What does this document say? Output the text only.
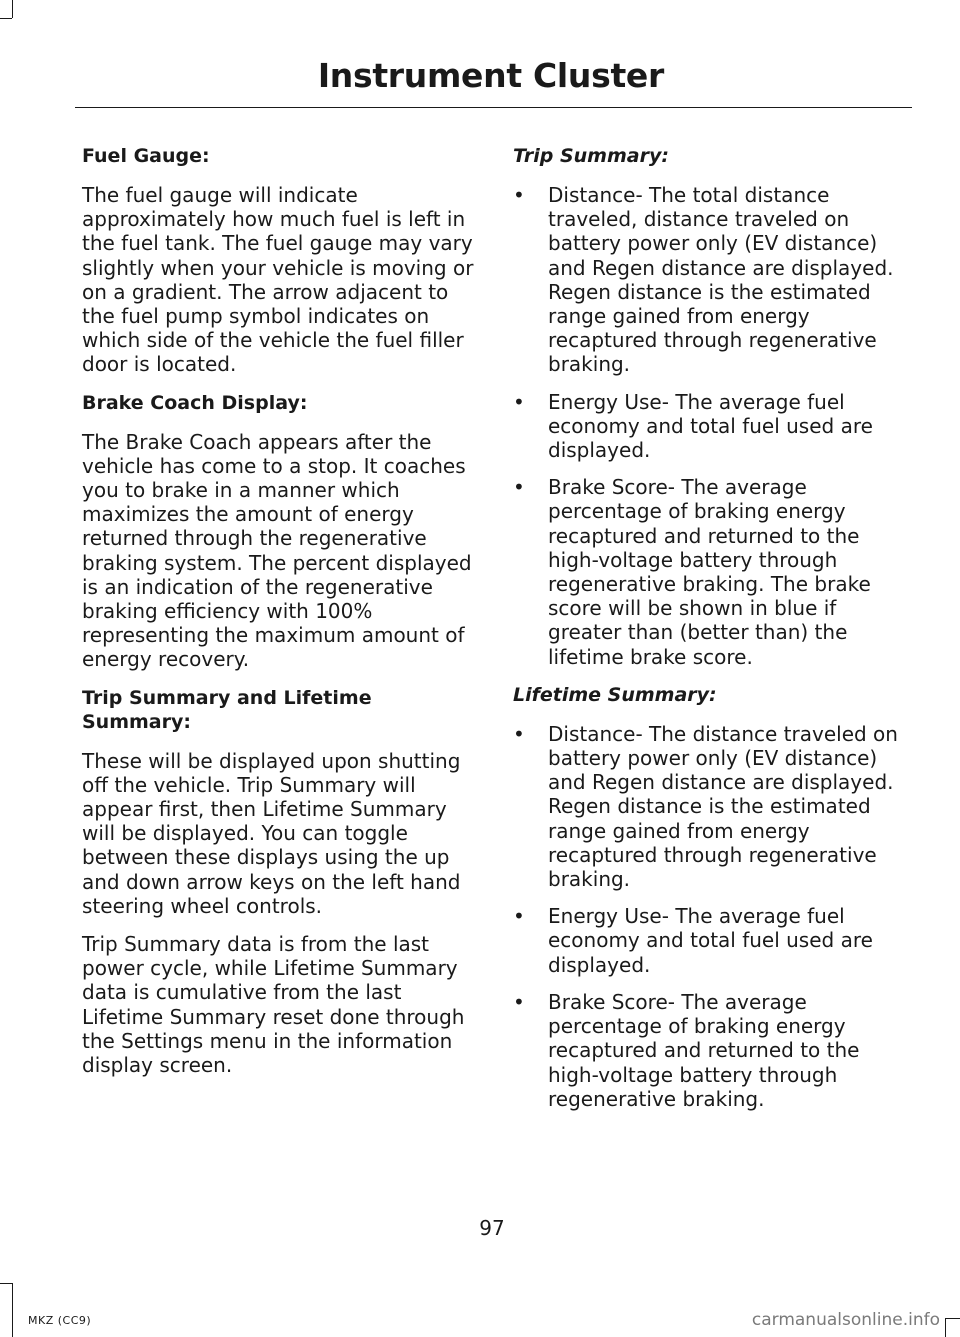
Instrument Cluster
Fuel Gauge:

The fuel gauge will indicate approximately how much fuel is left in the fuel tank. The fuel gauge may vary slightly when your vehicle is moving or on a gradient. The arrow adjacent to the fuel pump symbol indicates on which side of the vehicle the fuel filler door is located.

Brake Coach Display:

The Brake Coach appears after the vehicle has come to a stop. It coaches you to brake in a manner which maximizes the amount of energy returned through the regenerative braking system. The percent displayed is an indication of the regenerative braking efficiency with 100% representing the maximum amount of energy recovery.

Trip Summary and Lifetime Summary:

These will be displayed upon shutting off the vehicle. Trip Summary will appear first, then Lifetime Summary will be displayed. You can toggle between these displays using the up and down arrow keys on the left hand steering wheel controls.

Trip Summary data is from the last power cycle, while Lifetime Summary data is cumulative from the last Lifetime Summary reset done through the Settings menu in the information display screen.

Trip Summary:
• Distance- The total distance traveled, distance traveled on battery power only (EV distance) and Regen distance are displayed. Regen distance is the estimated range gained from energy recaptured through regenerative braking.
• Energy Use- The average fuel economy and total fuel used are displayed.
• Brake Score- The average percentage of braking energy recaptured and returned to the high-voltage battery through regenerative braking. The brake score will be shown in blue if greater than (better than) the lifetime brake score.
Lifetime Summary:
• Distance- The distance traveled on battery power only (EV distance) and Regen distance are displayed. Regen distance is the estimated range gained from energy recaptured through regenerative braking.
• Energy Use- The average fuel economy and total fuel used are displayed.
• Brake Score- The average percentage of braking energy recaptured and returned to the high-voltage battery through regenerative braking.
97
MKZ (CC9)	carmanualsonline.info
